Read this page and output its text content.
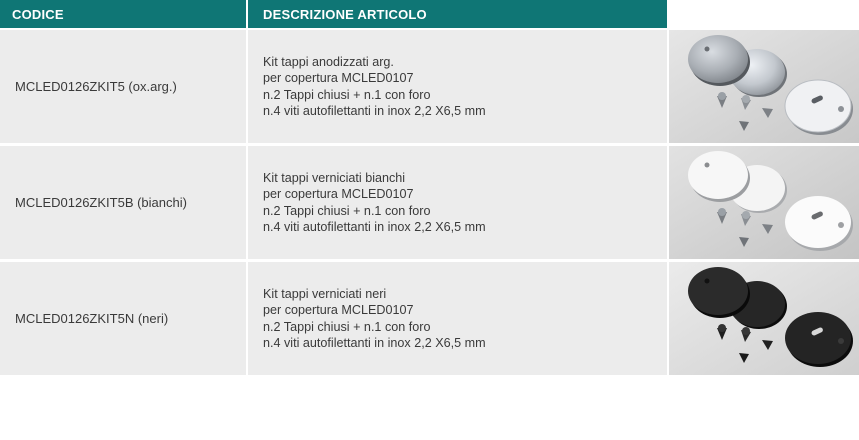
CODICE	DESCRIZIONE ARTICOLO
MCLED0126ZKIT5 (ox.arg.)
Kit tappi anodizzati arg.
per copertura MCLED0107
n.2 Tappi chiusi + n.1 con foro
n.4 viti autofilettanti in inox 2,2 X6,5 mm
MCLED0126ZKIT5B (bianchi)
Kit tappi verniciati bianchi
per copertura MCLED0107
n.2 Tappi chiusi + n.1 con foro
n.4 viti autofilettanti in inox 2,2 X6,5 mm
MCLED0126ZKIT5N (neri)
Kit tappi verniciati neri
per copertura MCLED0107
n.2 Tappi chiusi + n.1 con foro
n.4 viti autofilettanti in inox 2,2 X6,5 mm
